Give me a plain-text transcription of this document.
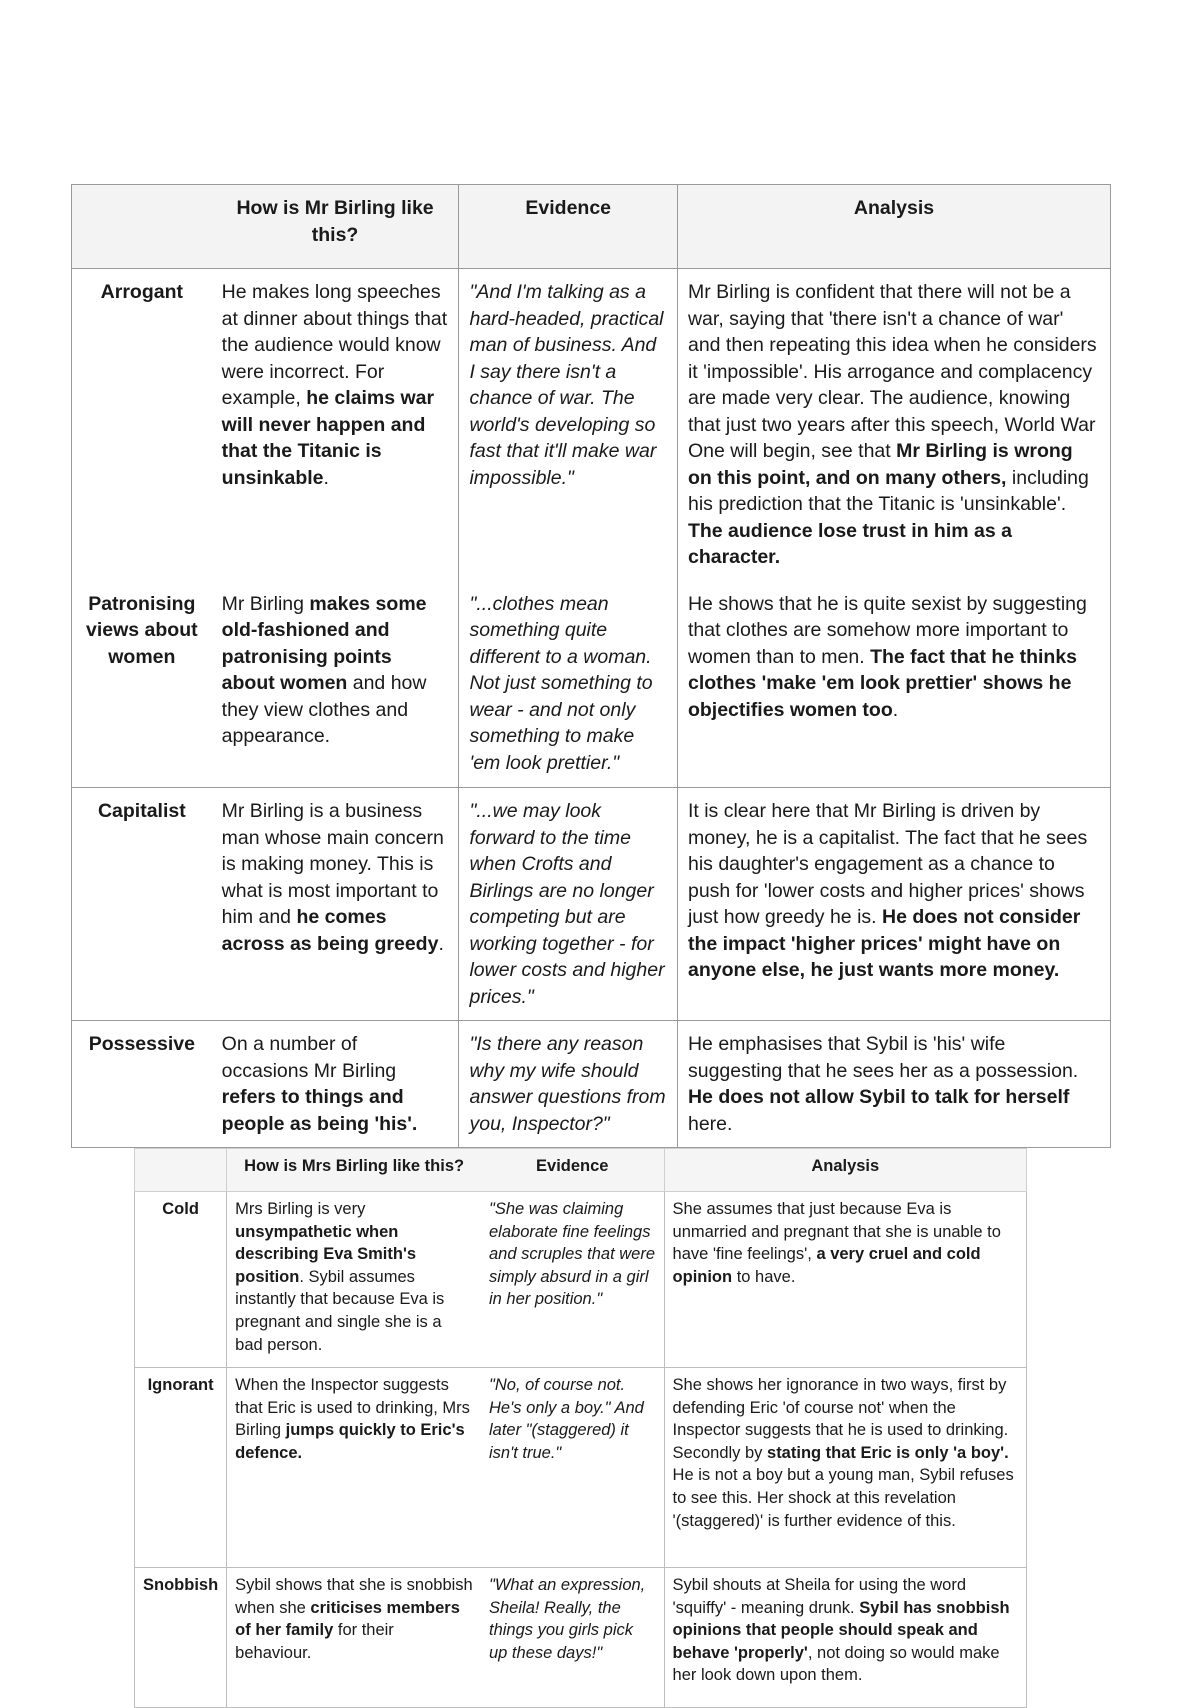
	How is Mr Birling like this?	Evidence	Analysis
Arrogant	He makes long speeches at dinner about things that the audience would know were incorrect. For example, he claims war will never happen and that the Titanic is unsinkable.	"And I'm talking as a hard-headed, practical man of business. And I say there isn't a chance of war. The world's developing so fast that it'll make war impossible."	Mr Birling is confident that there will not be a war, saying that 'there isn't a chance of war' and then repeating this idea when he considers it 'impossible'. His arrogance and complacency are made very clear. The audience, knowing that just two years after this speech, World War One will begin, see that Mr Birling is wrong on this point, and on many others, including his prediction that the Titanic is 'unsinkable'. The audience lose trust in him as a character.
Patronising views about women	Mr Birling makes some old-fashioned and patronising points about women and how they view clothes and appearance.	"...clothes mean something quite different to a woman. Not just something to wear - and not only something to make 'em look prettier."	He shows that he is quite sexist by suggesting that clothes are somehow more important to women than to men. The fact that he thinks clothes 'make 'em look prettier' shows he objectifies women too.
Capitalist	Mr Birling is a business man whose main concern is making money. This is what is most important to him and he comes across as being greedy.	"...we may look forward to the time when Crofts and Birlings are no longer competing but are working together - for lower costs and higher prices."	It is clear here that Mr Birling is driven by money, he is a capitalist. The fact that he sees his daughter's engagement as a chance to push for 'lower costs and higher prices' shows just how greedy he is. He does not consider the impact 'higher prices' might have on anyone else, he just wants more money.
Possessive	On a number of occasions Mr Birling refers to things and people as being 'his'.	"Is there any reason why my wife should answer questions from you, Inspector?"	He emphasises that Sybil is 'his' wife suggesting that he sees her as a possession. He does not allow Sybil to talk for herself here.
	How is Mrs Birling like this?	Evidence	Analysis
Cold	Mrs Birling is very unsympathetic when describing Eva Smith's position. Sybil assumes instantly that because Eva is pregnant and single she is a bad person.	"She was claiming elaborate fine feelings and scruples that were simply absurd in a girl in her position."	She assumes that just because Eva is unmarried and pregnant that she is unable to have 'fine feelings', a very cruel and cold opinion to have.
Ignorant	When the Inspector suggests that Eric is used to drinking, Mrs Birling jumps quickly to Eric's defence.	"No, of course not. He's only a boy." And later "(staggered) it isn't true."	She shows her ignorance in two ways, first by defending Eric 'of course not' when the Inspector suggests that he is used to drinking. Secondly by stating that Eric is only 'a boy'. He is not a boy but a young man, Sybil refuses to see this. Her shock at this revelation '(staggered)' is further evidence of this.
Snobbish	Sybil shows that she is snobbish when she criticises members of her family for their behaviour.	"What an expression, Sheila! Really, the things you girls pick up these days!"	Sybil shouts at Sheila for using the word 'squiffy' - meaning drunk. Sybil has snobbish opinions that people should speak and behave 'properly', not doing so would make her look down upon them.
